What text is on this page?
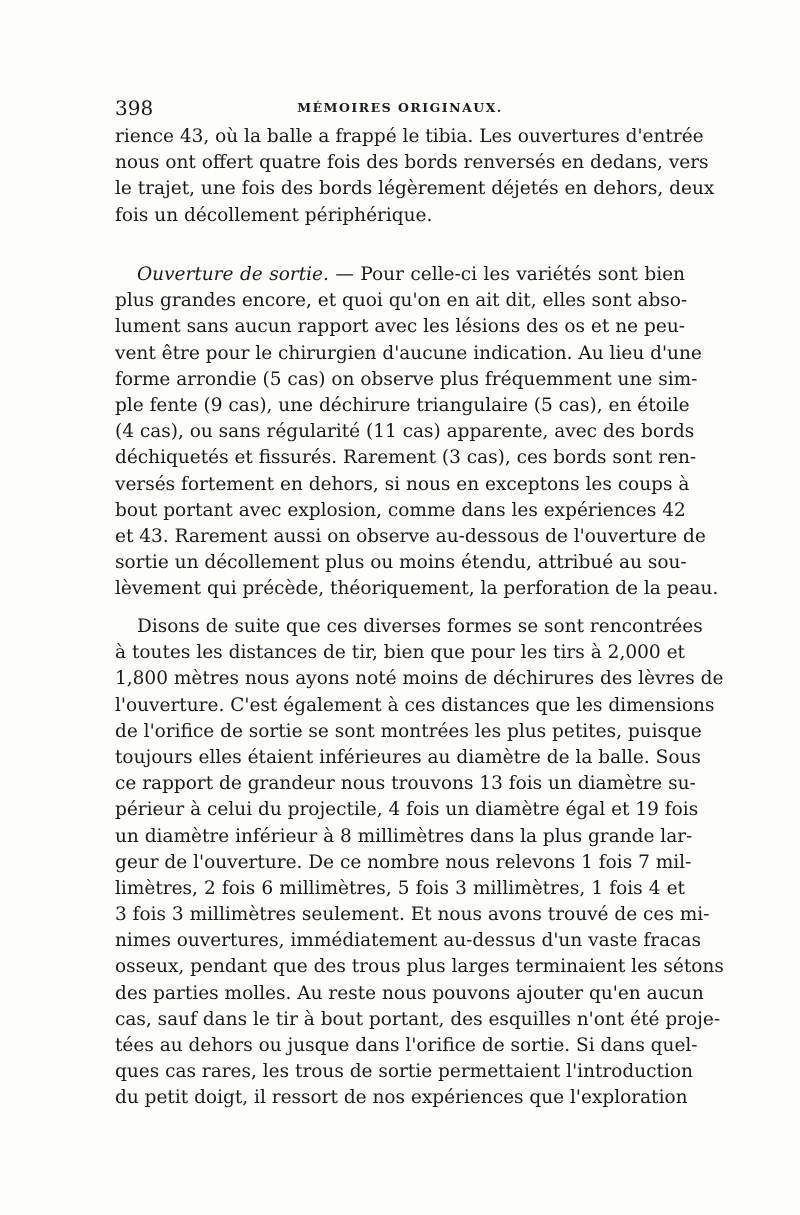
398	MÉMOIRES ORIGINAUX.
rience 43, où la balle a frappé le tibia. Les ouvertures d'entrée
nous ont offert quatre fois des bords renversés en dedans, vers
le trajet, une fois des bords légèrement déjetés en dehors, deux
fois un décollement périphérique.
Ouverture de sortie. — Pour celle-ci les variétés sont bien
plus grandes encore, et quoi qu'on en ait dit, elles sont abso-
lument sans aucun rapport avec les lésions des os et ne peu-
vent être pour le chirurgien d'aucune indication. Au lieu d'une
forme arrondie (5 cas) on observe plus fréquemment une sim-
ple fente (9 cas), une déchirure triangulaire (5 cas), en étoile
(4 cas), ou sans régularité (11 cas) apparente, avec des bords
déchiquetés et fissurés. Rarement (3 cas), ces bords sont ren-
versés fortement en dehors, si nous en exceptons les coups à
bout portant avec explosion, comme dans les expériences 42
et 43. Rarement aussi on observe au-dessous de l'ouverture de
sortie un décollement plus ou moins étendu, attribué au sou-
lèvement qui précède, théoriquement, la perforation de la peau.
Disons de suite que ces diverses formes se sont rencontrées
à toutes les distances de tir, bien que pour les tirs à 2,000 et
1,800 mètres nous ayons noté moins de déchirures des lèvres de
l'ouverture. C'est également à ces distances que les dimensions
de l'orifice de sortie se sont montrées les plus petites, puisque
toujours elles étaient inférieures au diamètre de la balle. Sous
ce rapport de grandeur nous trouvons 13 fois un diamètre su-
périeur à celui du projectile, 4 fois un diamètre égal et 19 fois
un diamètre inférieur à 8 millimètres dans la plus grande lar-
geur de l'ouverture. De ce nombre nous relevons 1 fois 7 mil-
limètres, 2 fois 6 millimètres, 5 fois 3 millimètres, 1 fois 4 et
3 fois 3 millimètres seulement. Et nous avons trouvé de ces mi-
nimes ouvertures, immédiatement au-dessus d'un vaste fracas
osseux, pendant que des trous plus larges terminaient les sétons
des parties molles. Au reste nous pouvons ajouter qu'en aucun
cas, sauf dans le tir à bout portant, des esquilles n'ont été proje-
tées au dehors ou jusque dans l'orifice de sortie. Si dans quel-
ques cas rares, les trous de sortie permettaient l'introduction
du petit doigt, il ressort de nos expériences que l'exploration
